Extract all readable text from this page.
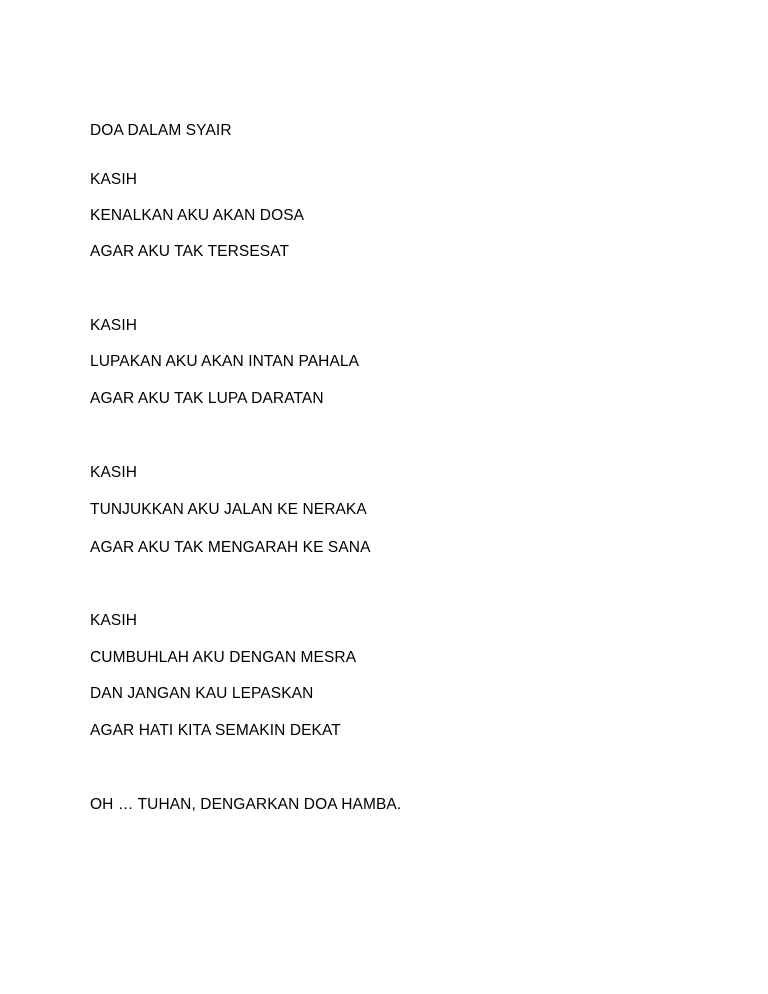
DOA DALAM SYAIR
KASIH
KENALKAN AKU AKAN DOSA
AGAR AKU TAK TERSESAT
KASIH
LUPAKAN AKU AKAN INTAN PAHALA
AGAR AKU TAK LUPA DARATAN
KASIH
TUNJUKKAN AKU JALAN KE NERAKA
AGAR AKU TAK MENGARAH KE SANA
KASIH
CUMBUHLAH AKU DENGAN MESRA
DAN JANGAN KAU LEPASKAN
AGAR HATI KITA SEMAKIN DEKAT
OH … TUHAN, DENGARKAN DOA HAMBA.
